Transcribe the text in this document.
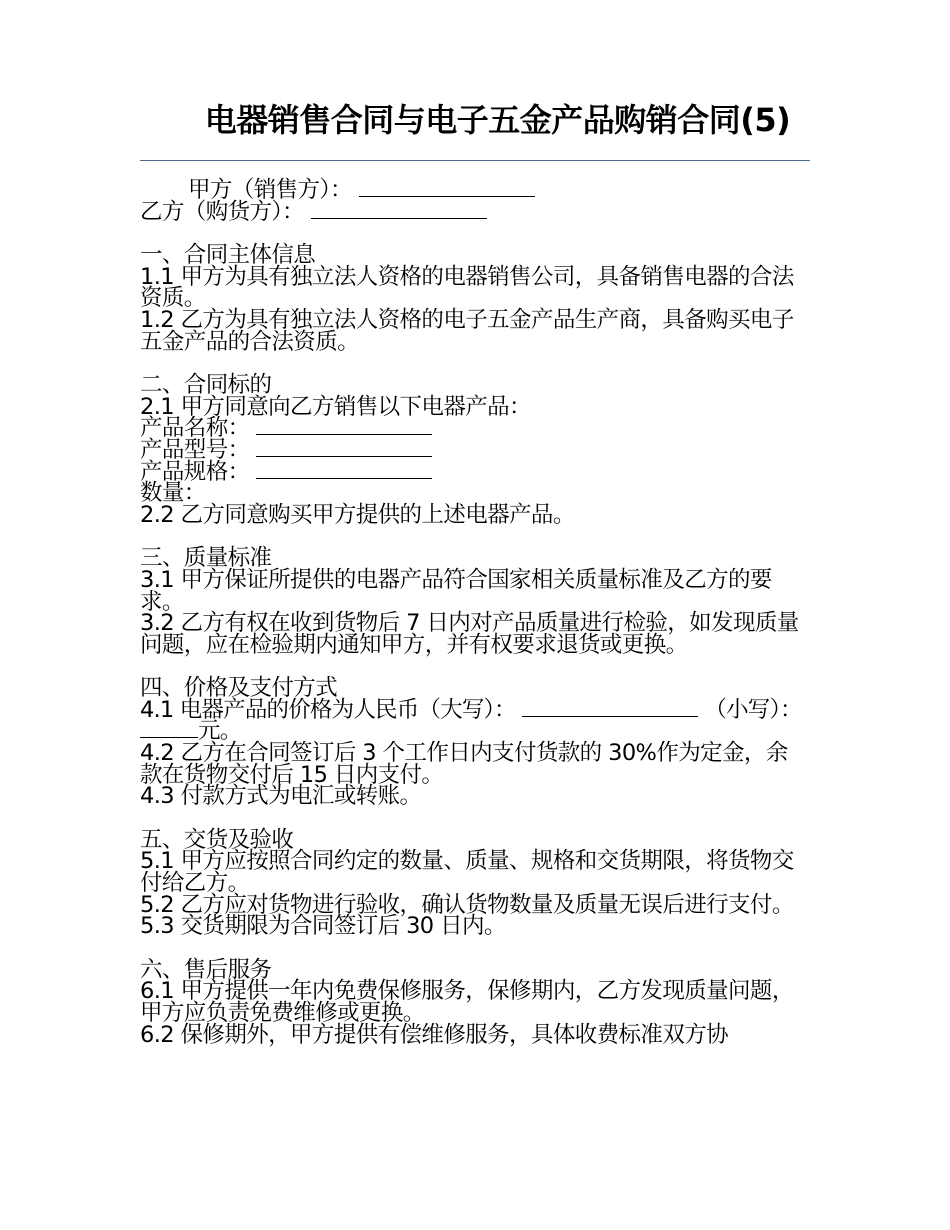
电器销售合同与电子五金产品购销合同(5)

甲方（销售方）：

乙方（购货方）：

一、合同主体信息

1.1 甲方为具有独立法人资格的电器销售公司，具备销售电器的合法资质。

1.2 乙方为具有独立法人资格的电子五金产品生产商，具备购买电子五金产品的合法资质。

二、合同标的

2.1 甲方同意向乙方销售以下电器产品：

产品名称：

产品型号：

产品规格：

数量：

2.2 乙方同意购买甲方提供的上述电器产品。

三、质量标准

3.1 甲方保证所提供的电器产品符合国家相关质量标准及乙方的要求。

3.2 乙方有权在收到货物后 7 日内对产品质量进行检验，如发现质量问题，应在检验期内通知甲方，并有权要求退货或更换。

四、价格及支付方式

4.1 电器产品的价格为人民币（大写）：	（小写）： 元。

4.2 乙方在合同签订后 3 个工作日内支付货款的 30%作为定金，余款在货物交付后 15 日内支付。

4.3 付款方式为电汇或转账。

五、交货及验收

5.1 甲方应按照合同约定的数量、质量、规格和交货期限，将货物交付给乙方。

5.2 乙方应对货物进行验收，确认货物数量及质量无误后进行支付。

5.3 交货期限为合同签订后 30 日内。

六、售后服务

6.1 甲方提供一年内免费保修服务，保修期内，乙方发现质量问题，甲方应负责免费维修或更换。

6.2 保修期外，甲方提供有偿维修服务，具体收费标准双方协
